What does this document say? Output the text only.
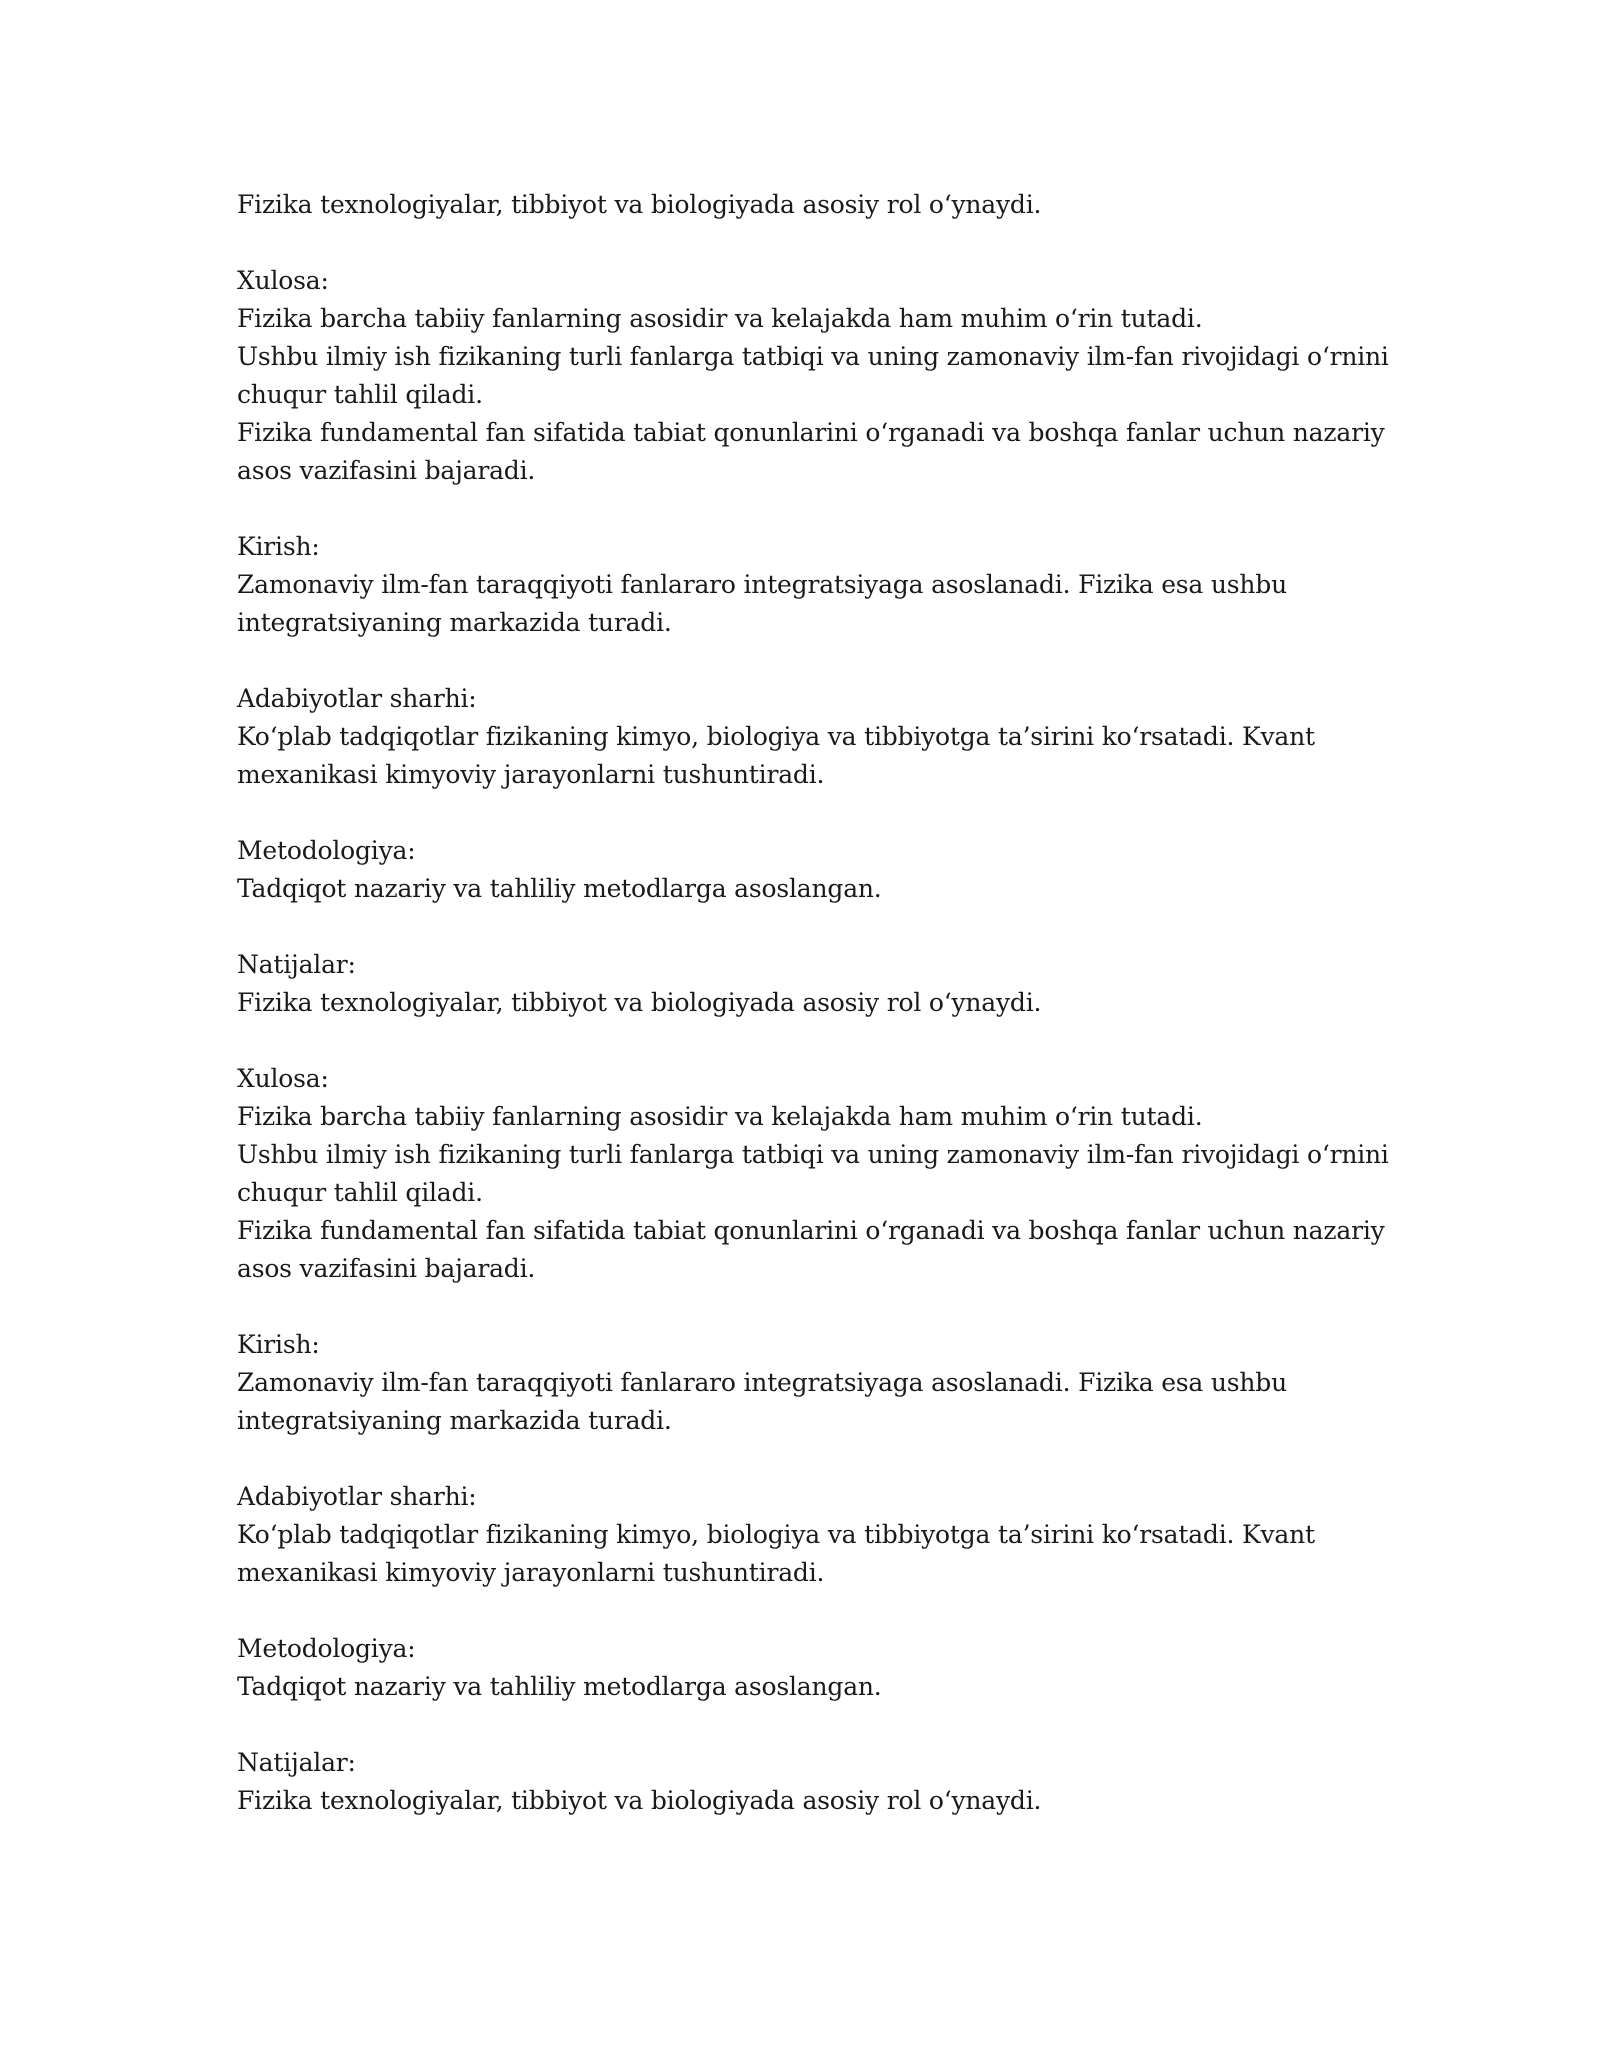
Fizika texnologiyalar, tibbiyot va biologiyada asosiy rol o‘ynaydi.
Xulosa:
Fizika barcha tabiiy fanlarning asosidir va kelajakda ham muhim o‘rin tutadi.
Ushbu ilmiy ish fizikaning turli fanlarga tatbiqi va uning zamonaviy ilm-fan rivojidagi o‘rnini
chuqur tahlil qiladi.
Fizika fundamental fan sifatida tabiat qonunlarini o‘rganadi va boshqa fanlar uchun nazariy
asos vazifasini bajaradi.
Kirish:
Zamonaviy ilm-fan taraqqiyoti fanlararo integratsiyaga asoslanadi. Fizika esa ushbu
integratsiyaning markazida turadi.
Adabiyotlar sharhi:
Ko‘plab tadqiqotlar fizikaning kimyo, biologiya va tibbiyotga ta’sirini ko‘rsatadi. Kvant
mexanikasi kimyoviy jarayonlarni tushuntiradi.
Metodologiya:
Tadqiqot nazariy va tahliliy metodlarga asoslangan.
Natijalar:
Fizika texnologiyalar, tibbiyot va biologiyada asosiy rol o‘ynaydi.
Xulosa:
Fizika barcha tabiiy fanlarning asosidir va kelajakda ham muhim o‘rin tutadi.
Ushbu ilmiy ish fizikaning turli fanlarga tatbiqi va uning zamonaviy ilm-fan rivojidagi o‘rnini
chuqur tahlil qiladi.
Fizika fundamental fan sifatida tabiat qonunlarini o‘rganadi va boshqa fanlar uchun nazariy
asos vazifasini bajaradi.
Kirish:
Zamonaviy ilm-fan taraqqiyoti fanlararo integratsiyaga asoslanadi. Fizika esa ushbu
integratsiyaning markazida turadi.
Adabiyotlar sharhi:
Ko‘plab tadqiqotlar fizikaning kimyo, biologiya va tibbiyotga ta’sirini ko‘rsatadi. Kvant
mexanikasi kimyoviy jarayonlarni tushuntiradi.
Metodologiya:
Tadqiqot nazariy va tahliliy metodlarga asoslangan.
Natijalar:
Fizika texnologiyalar, tibbiyot va biologiyada asosiy rol o‘ynaydi.
